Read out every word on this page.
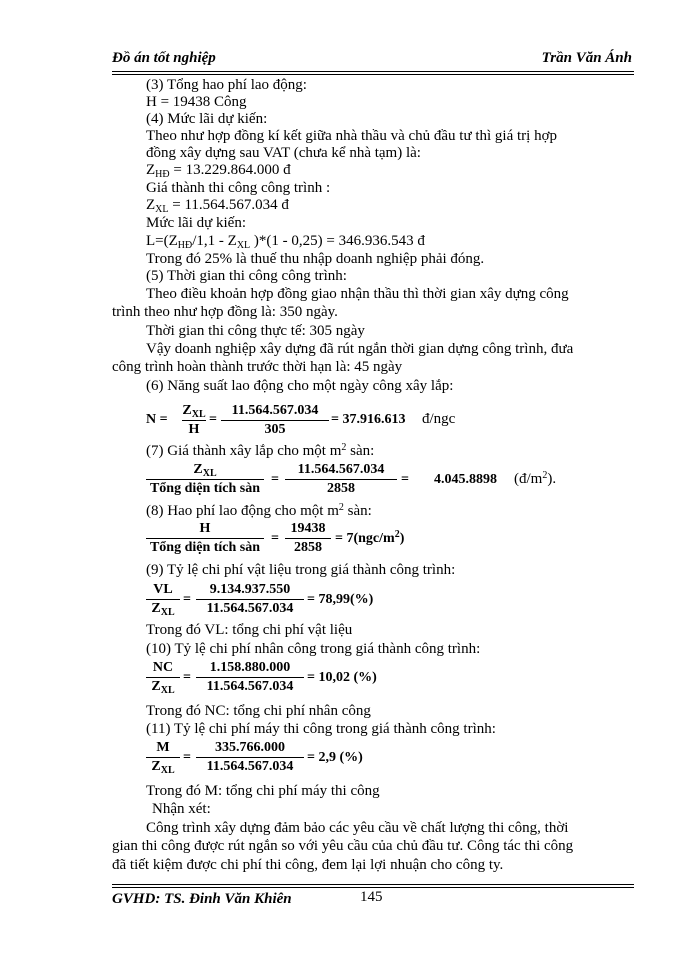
Đồ án tốt nghiệp	Trần Văn Ánh
(3) Tổng hao phí lao động:
H = 19438 Công
(4) Mức lãi dự kiến:
Theo như hợp đồng kí kết giữa nhà thầu và chủ đầu tư thì giá trị hợp
đồng xây dựng sau VAT (chưa kể nhà tạm) là:
$Z_{HĐ} = 13.229.864.000$ đ
Giá thành thi công công trình :
$Z_{XL} = 11.564.567.034$ đ
Mức lãi dự kiến:
$L=(Z_{HĐ}/1,1 - Z_{XL}$ )*(1 - 0,25) = 346.936.543 đ
Trong đó 25% là thuế thu nhập doanh nghiệp phải đóng.
(5) Thời gian thi công công trình:
Theo điều khoản hợp đồng giao nhận thầu thì thời gian xây dựng công
trình theo như hợp đồng là: 350 ngày.
Thời gian thi công thực tế: 305 ngày
Vậy doanh nghiệp xây dựng đã rút ngắn thời gian dựng công trình, đưa
công trình hoàn thành trước thời hạn là: 45 ngày
(6) Năng suất lao động cho một ngày công xây lắp:
N =
$Z_{XL}$
H
=
11.564.567.034
305
= 37.916.613 đ/ngc
(7) Giá thành xây lắp cho một $m^2$ sàn:
$Z_{XL}$
Tổng diện tích sàn
=
11.564.567.034
2858
= 4.045.8898 $(đ/m^2)$.
(8) Hao phí lao động cho một $m^2$ sàn:
H
Tổng diện tích sàn
=
19438
2858
= $7(ngc/m^2)$
(9) Tỷ lệ chi phí vật liệu trong giá thành công trình:
VL
$Z_{XL}$
=
9.134.937.550
11.564.567.034
= 78,99(%)
Trong đó VL: tổng chi phí vật liệu
(10) Tỷ lệ chi phí nhân công trong giá thành công trình:
NC
$Z_{XL}$
=
1.158.880.000
11.564.567.034
= 10,02 (%)
Trong đó NC: tổng chi phí nhân công
(11) Tỷ lệ chi phí máy thi công trong giá thành công trình:
M
$Z_{XL}$
=
335.766.000
11.564.567.034
= 2,9 (%)
Trong đó M: tổng chi phí máy thi công
Nhận xét:
Công trình xây dựng đảm bảo các yêu cầu về chất lượng thi công, thời
gian thi công được rút ngắn so với yêu cầu của chủ đầu tư. Công tác thi công
đã tiết kiệm được chi phí thi công, đem lại lợi nhuận cho công ty.
GVHD: TS. Đinh Văn Khiên	145
